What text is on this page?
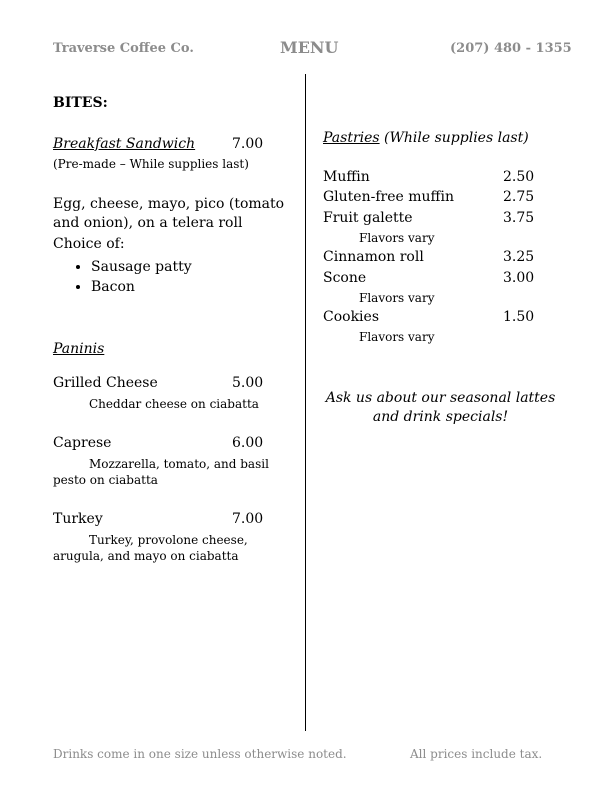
Traverse Coffee Co.	MENU	(207) 480 - 1355
BITES:
Breakfast Sandwich	7.00
(Pre-made – While supplies last)
Egg, cheese, mayo, pico (tomato
and onion), on a telera roll
Choice of:
• Sausage patty
• Bacon
Paninis
Grilled Cheese	5.00
Cheddar cheese on ciabatta
Caprese	6.00
Mozzarella, tomato, and basil
pesto on ciabatta
Turkey	7.00
Turkey, provolone cheese,
arugula, and mayo on ciabatta
Pastries (While supplies last)
Muffin	2.50
Gluten-free muffin	2.75
Fruit galette	3.75
Flavors vary
Cinnamon roll	3.25
Scone	3.00
Flavors vary
Cookies	1.50
Flavors vary
Ask us about our seasonal lattes
and drink specials!
Drinks come in one size unless otherwise noted.	All prices include tax.
